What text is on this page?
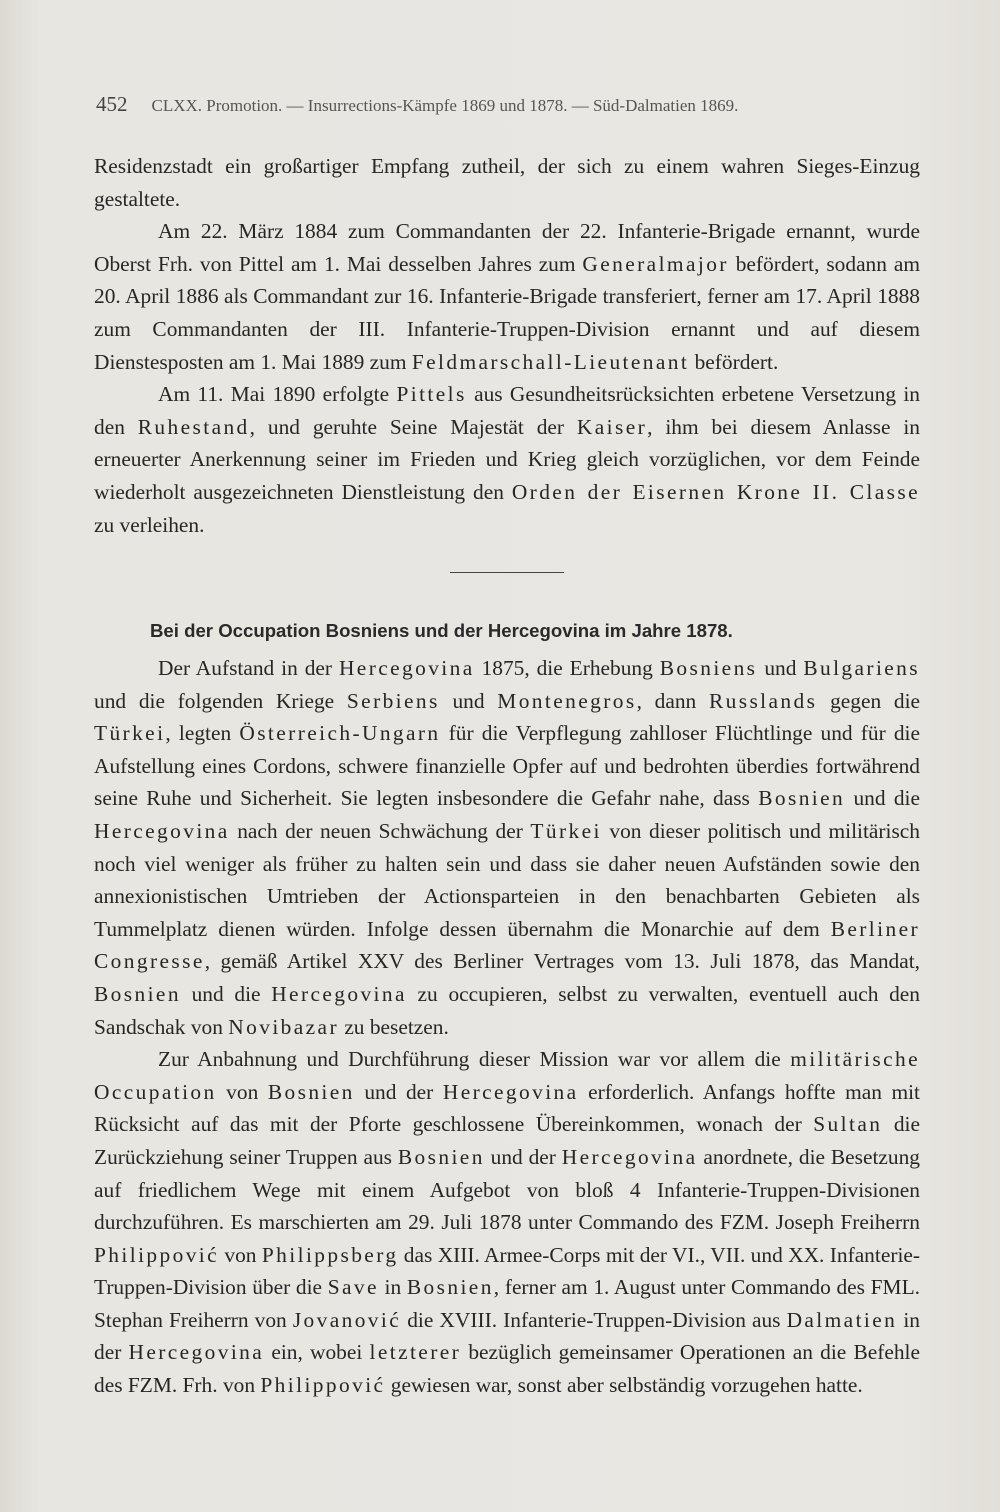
452 CLXX. Promotion. — Insurrections-Kämpfe 1869 und 1878. — Süd-Dalmatien 1869.

Residenzstadt ein großartiger Empfang zutheil, der sich zu einem wahren Sieges-Einzug gestaltete.

Am 22. März 1884 zum Commandanten der 22. Infanterie-Brigade ernannt, wurde Oberst Frh. von Pittel am 1. Mai desselben Jahres zum Generalmajor befördert, sodann am 20. April 1886 als Commandant zur 16. Infanterie-Brigade transferiert, ferner am 17. April 1888 zum Commandanten der III. Infanterie-Truppen-Division ernannt und auf diesem Dienstesposten am 1. Mai 1889 zum Feldmarschall-Lieutenant befördert.

Am 11. Mai 1890 erfolgte Pittels aus Gesundheitsrücksichten erbetene Versetzung in den Ruhestand, und geruhte Seine Majestät der Kaiser, ihm bei diesem Anlasse in erneuerter Anerkennung seiner im Frieden und Krieg gleich vorzüglichen, vor dem Feinde wiederholt ausgezeichneten Dienstleistung den Orden der Eisernen Krone II. Classe zu verleihen.

Bei der Occupation Bosniens und der Hercegovina im Jahre 1878.

Der Aufstand in der Hercegovina 1875, die Erhebung Bosniens und Bulgariens und die folgenden Kriege Serbiens und Montenegros, dann Russlands gegen die Türkei, legten Österreich-Ungarn für die Verpflegung zahlloser Flüchtlinge und für die Aufstellung eines Cordons, schwere finanzielle Opfer auf und bedrohten überdies fortwährend seine Ruhe und Sicherheit. Sie legten insbesondere die Gefahr nahe, dass Bosnien und die Hercegovina nach der neuen Schwächung der Türkei von dieser politisch und militärisch noch viel weniger als früher zu halten sein und dass sie daher neuen Aufständen sowie den annexionistischen Umtrieben der Actionsparteien in den benachbarten Gebieten als Tummelplatz dienen würden. Infolge dessen übernahm die Monarchie auf dem Berliner Congresse, gemäß Artikel XXV des Berliner Vertrages vom 13. Juli 1878, das Mandat, Bosnien und die Hercegovina zu occupieren, selbst zu verwalten, eventuell auch den Sandschak von Novibazar zu besetzen.

Zur Anbahnung und Durchführung dieser Mission war vor allem die militärische Occupation von Bosnien und der Hercegovina erforderlich. Anfangs hoffte man mit Rücksicht auf das mit der Pforte geschlossene Übereinkommen, wonach der Sultan die Zurückziehung seiner Truppen aus Bosnien und der Hercegovina anordnete, die Besetzung auf friedlichem Wege mit einem Aufgebot von bloß 4 Infanterie-Truppen-Divisionen durchzuführen. Es marschierten am 29. Juli 1878 unter Commando des FZM. Joseph Freiherrn Philippović von Philippsberg das XIII. Armee-Corps mit der VI., VII. und XX. Infanterie-Truppen-Division über die Save in Bosnien, ferner am 1. August unter Commando des FML. Stephan Freiherrn von Jovanović die XVIII. Infanterie-Truppen-Division aus Dalmatien in der Hercegovina ein, wobei letzterer bezüglich gemeinsamer Operationen an die Befehle des FZM. Frh. von Philippović gewiesen war, sonst aber selbständig vorzugehen hatte.
